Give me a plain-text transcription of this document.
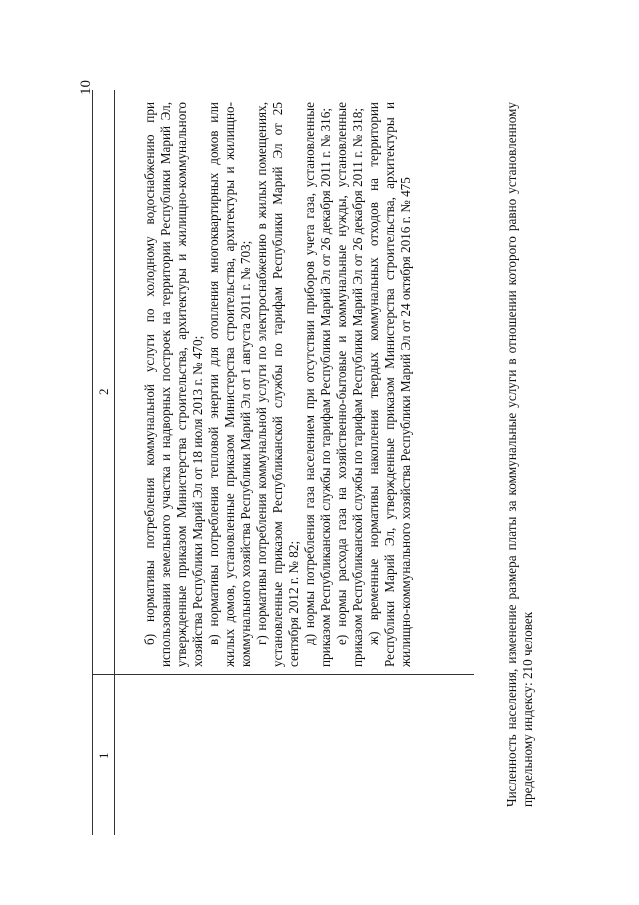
10
1
2 б) нормативы потребления коммунальной услуги по холодному водоснабжению при использовании земельного участка и надворных построек на территории Республики Марий Эл, утвержденные приказом Министерства строительства, архитектуры и жилищно-коммунального хозяйства Республики Марий Эл от 18 июля 2013 г. № 470; в) нормативы потребления тепловой энергии для отопления многоквартирных домов или жилых домов, установленные приказом Министерства строительства, архитектуры и жилищно-коммунального хозяйства Республики Марий Эл от 1 августа 2011 г. № 703; г) нормативы потребления коммунальной услуги по электроснабжению в жилых помещениях, установленные приказом Республиканской службы по тарифам Республики Марий Эл от 25 сентября 2012 г. № 82; д) нормы потребления газа населением при отсутствии приборов учета газа, установленные приказом Республиканской службы по тарифам Республики Марий Эл от 26 декабря 2011 г. № 316; е) нормы расхода газа на хозяйственно-бытовые и коммунальные нужды, установленные приказом Республиканской службы по тарифам Республики Марий Эл от 26 декабря 2011 г. № 318; ж) временные нормативы накопления твердых коммунальных отходов на территории Республики Марий Эл, утвержденные приказом Министерства строительства, архитектуры и жилищно-коммунального хозяйства Республики Марий Эл от 24 октября 2016 г. № 475	Численность населения, изменение размера платы за коммунальные услуги в отношении которого равно установленному предельному индексу: 210 человек
